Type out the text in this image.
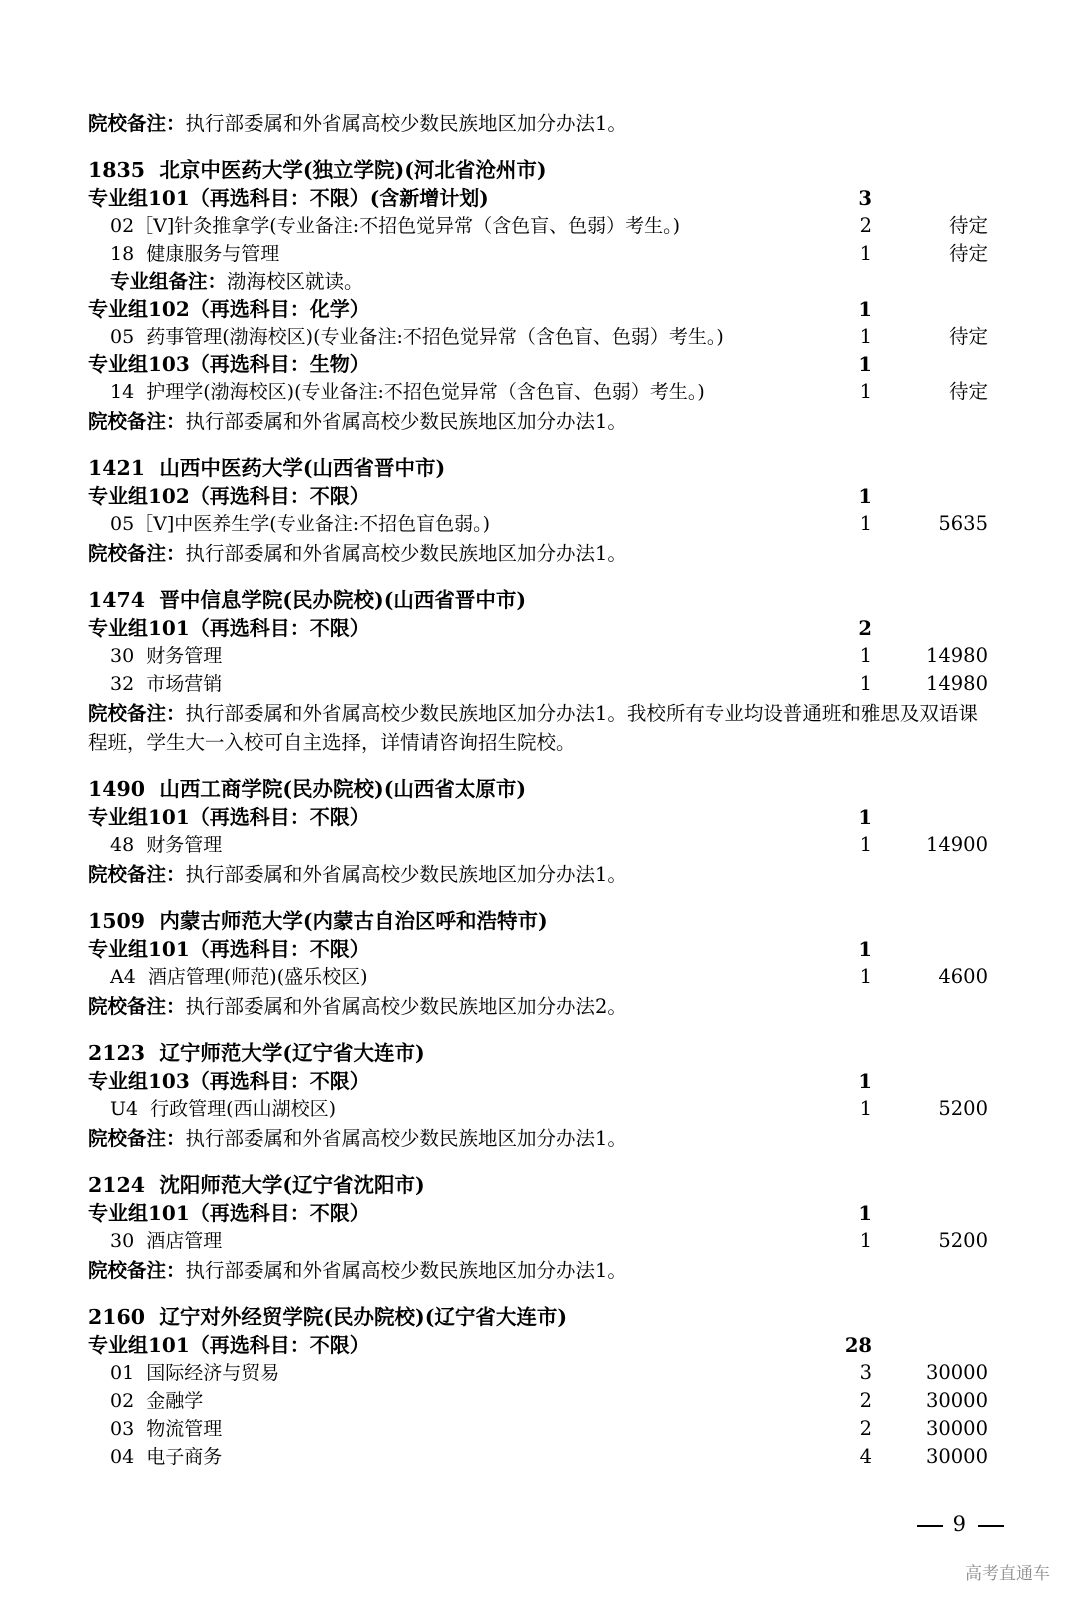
院校备注：执行部委属和外省属高校少数民族地区加分办法1。
1835  北京中医药大学(独立学院)(河北省沧州市)
专业组101（再选科目：不限）(含新增计划)	3
02［Ⅴ]针灸推拿学(专业备注:不招色觉异常（含色盲、色弱）考生。)	2	待定
18  健康服务与管理	1	待定
专业组备注：渤海校区就读。
专业组102（再选科目：化学）	1
05  药事管理(渤海校区)(专业备注:不招色觉异常（含色盲、色弱）考生。)	1	待定
专业组103（再选科目：生物）	1
14  护理学(渤海校区)(专业备注:不招色觉异常（含色盲、色弱）考生。)	1	待定
院校备注：执行部委属和外省属高校少数民族地区加分办法1。
1421  山西中医药大学(山西省晋中市)
专业组102（再选科目：不限）	1
05［Ⅴ]中医养生学(专业备注:不招色盲色弱。)	1	5635
院校备注：执行部委属和外省属高校少数民族地区加分办法1。
1474  晋中信息学院(民办院校)(山西省晋中市)
专业组101（再选科目：不限）	2
30  财务管理	1	14980
32  市场营销	1	14980
院校备注：执行部委属和外省属高校少数民族地区加分办法1。我校所有专业均设普通班和雅思及双语课程班，学生大一入校可自主选择，详情请咨询招生院校。
1490  山西工商学院(民办院校)(山西省太原市)
专业组101（再选科目：不限）	1
48  财务管理	1	14900
院校备注：执行部委属和外省属高校少数民族地区加分办法1。
1509  内蒙古师范大学(内蒙古自治区呼和浩特市)
专业组101（再选科目：不限）	1
A4  酒店管理(师范)(盛乐校区)	1	4600
院校备注：执行部委属和外省属高校少数民族地区加分办法2。
2123  辽宁师范大学(辽宁省大连市)
专业组103（再选科目：不限）	1
U4  行政管理(西山湖校区)	1	5200
院校备注：执行部委属和外省属高校少数民族地区加分办法1。
2124  沈阳师范大学(辽宁省沈阳市)
专业组101（再选科目：不限）	1
30  酒店管理	1	5200
院校备注：执行部委属和外省属高校少数民族地区加分办法1。
2160  辽宁对外经贸学院(民办院校)(辽宁省大连市)
专业组101（再选科目：不限）	28
01  国际经济与贸易	3	30000
02  金融学	2	30000
03  物流管理	2	30000
04  电子商务	4	30000
9
高考直通车
